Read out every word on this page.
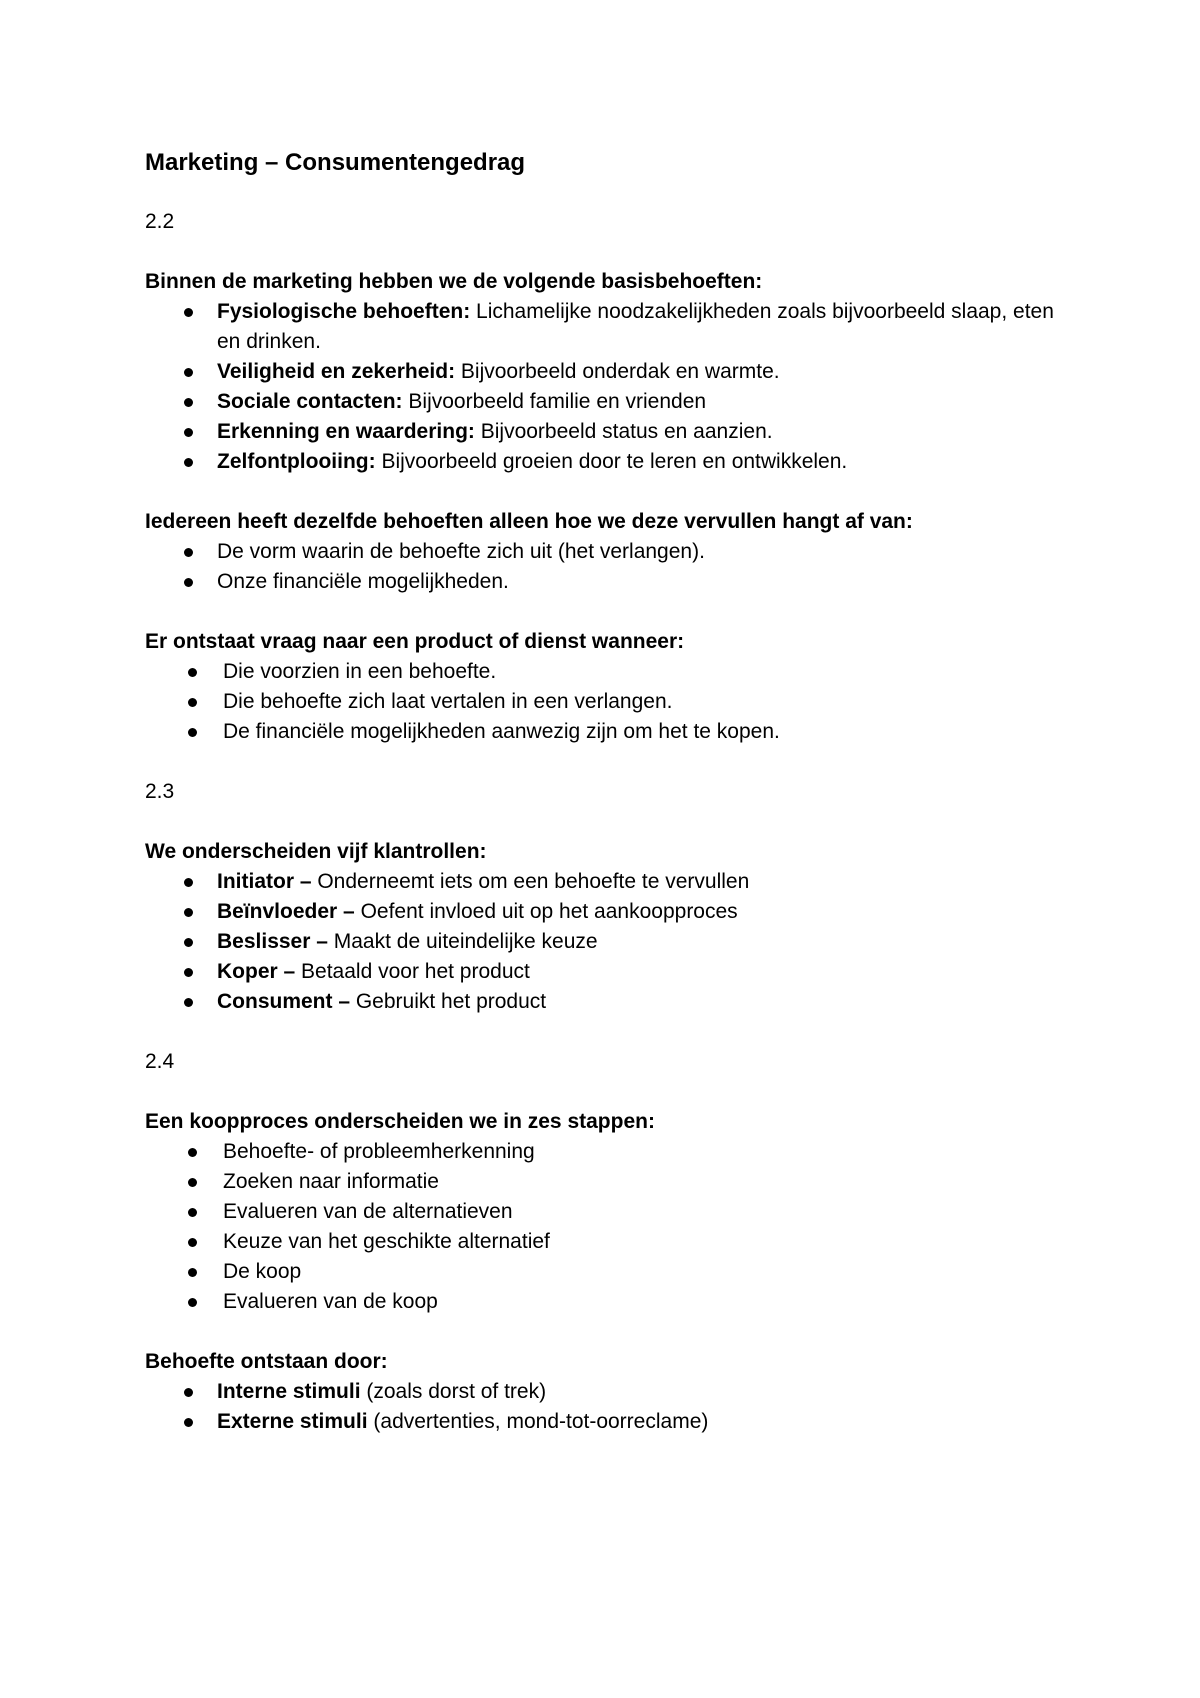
Marketing – Consumentengedrag
2.2
Binnen de marketing hebben we de volgende basisbehoeften:
Fysiologische behoeften: Lichamelijke noodzakelijkheden zoals bijvoorbeeld slaap, eten en drinken.
Veiligheid en zekerheid: Bijvoorbeeld onderdak en warmte.
Sociale contacten: Bijvoorbeeld familie en vrienden
Erkenning en waardering: Bijvoorbeeld status en aanzien.
Zelfontplooiing: Bijvoorbeeld groeien door te leren en ontwikkelen.
Iedereen heeft dezelfde behoeften alleen hoe we deze vervullen hangt af van:
De vorm waarin de behoefte zich uit (het verlangen).
Onze financiële mogelijkheden.
Er ontstaat vraag naar een product of dienst wanneer:
Die voorzien in een behoefte.
Die behoefte zich laat vertalen in een verlangen.
De financiële mogelijkheden aanwezig zijn om het te kopen.
2.3
We onderscheiden vijf klantrollen:
Initiator – Onderneemt iets om een behoefte te vervullen
Beïnvloeder – Oefent invloed uit op het aankoopproces
Beslisser – Maakt de uiteindelijke keuze
Koper – Betaald voor het product
Consument – Gebruikt het product
2.4
Een koopproces onderscheiden we in zes stappen:
Behoefte- of probleemherkenning
Zoeken naar informatie
Evalueren van de alternatieven
Keuze van het geschikte alternatief
De koop
Evalueren van de koop
Behoefte ontstaan door:
Interne stimuli (zoals dorst of trek)
Externe stimuli (advertenties, mond-tot-oorreclame)
